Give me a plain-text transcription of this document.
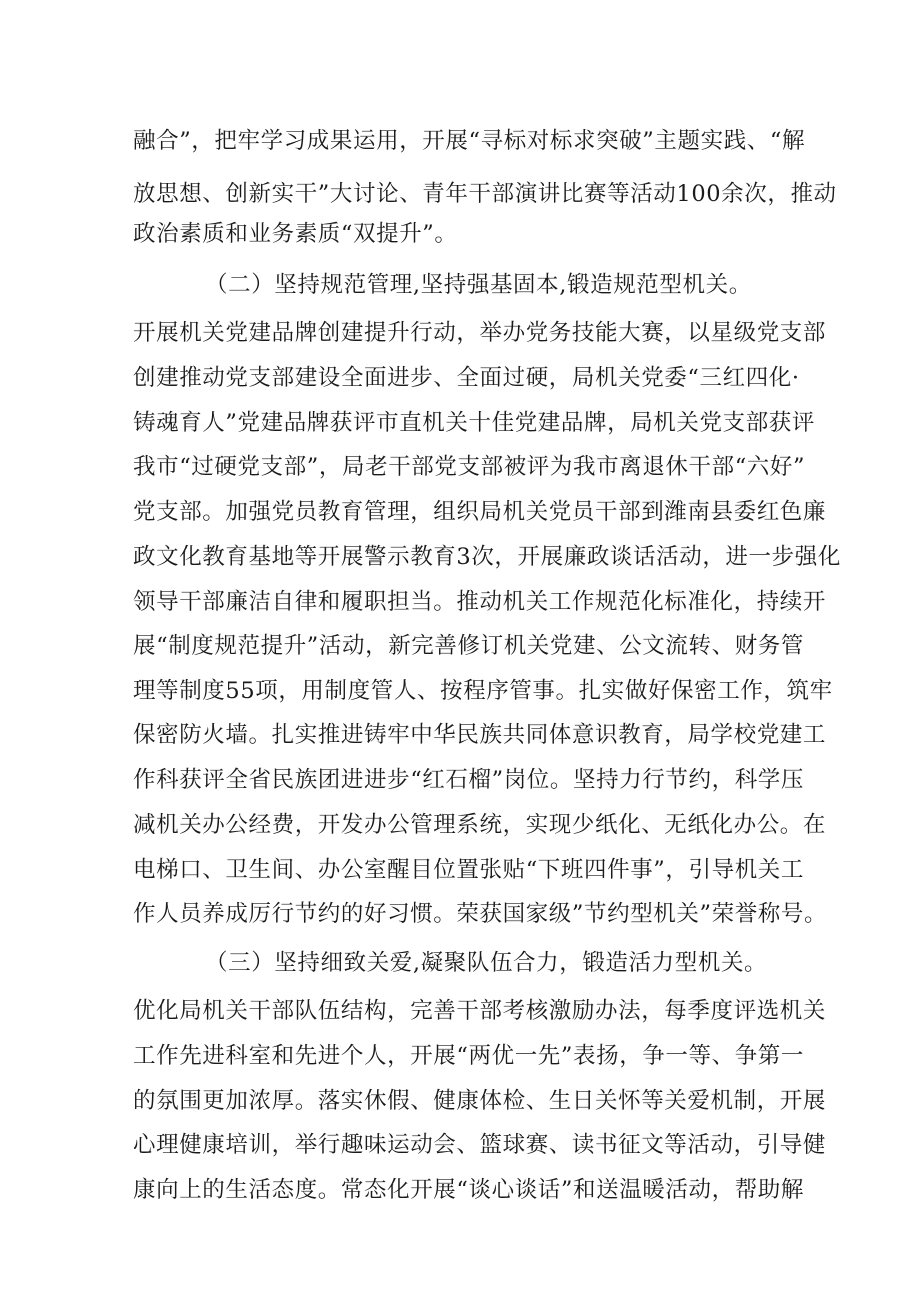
融合”，把牢学习成果运用，开展“寻标对标求突破”主题实践、“解
放思想、创新实干”大讨论、青年干部演讲比赛等活动100余次，推动
政治素质和业务素质“双提升”。
（二）坚持规范管理,坚持强基固本,锻造规范型机关。
开展机关党建品牌创建提升行动，举办党务技能大赛，以星级党支部
创建推动党支部建设全面进步、全面过硬，局机关党委“三红四化·
铸魂育人”党建品牌获评市直机关十佳党建品牌，局机关党支部获评
我市“过硬党支部”，局老干部党支部被评为我市离退休干部“六好”
党支部。加强党员教育管理，组织局机关党员干部到潍南县委红色廉
政文化教育基地等开展警示教育3次，开展廉政谈话活动，进一步强化
领导干部廉洁自律和履职担当。推动机关工作规范化标准化，持续开
展“制度规范提升”活动，新完善修订机关党建、公文流转、财务管
理等制度55项，用制度管人、按程序管事。扎实做好保密工作，筑牢
保密防火墙。扎实推进铸牢中华民族共同体意识教育，局学校党建工
作科获评全省民族团进进步“红石榴”岗位。坚持力行节约，科学压
减机关办公经费，开发办公管理系统，实现少纸化、无纸化办公。在
电梯口、卫生间、办公室醒目位置张贴“下班四件事”，引导机关工
作人员养成厉行节约的好习惯。荣获国家级”节约型机关”荣誉称号。
（三）坚持细致关爱,凝聚队伍合力，锻造活力型机关。
优化局机关干部队伍结构，完善干部考核激励办法，每季度评选机关
工作先进科室和先进个人，开展“两优一先”表扬，争一等、争第一
的氛围更加浓厚。落实休假、健康体检、生日关怀等关爱机制，开展
心理健康培训，举行趣味运动会、篮球赛、读书征文等活动，引导健
康向上的生活态度。常态化开展“谈心谈话”和送温暖活动，帮助解
